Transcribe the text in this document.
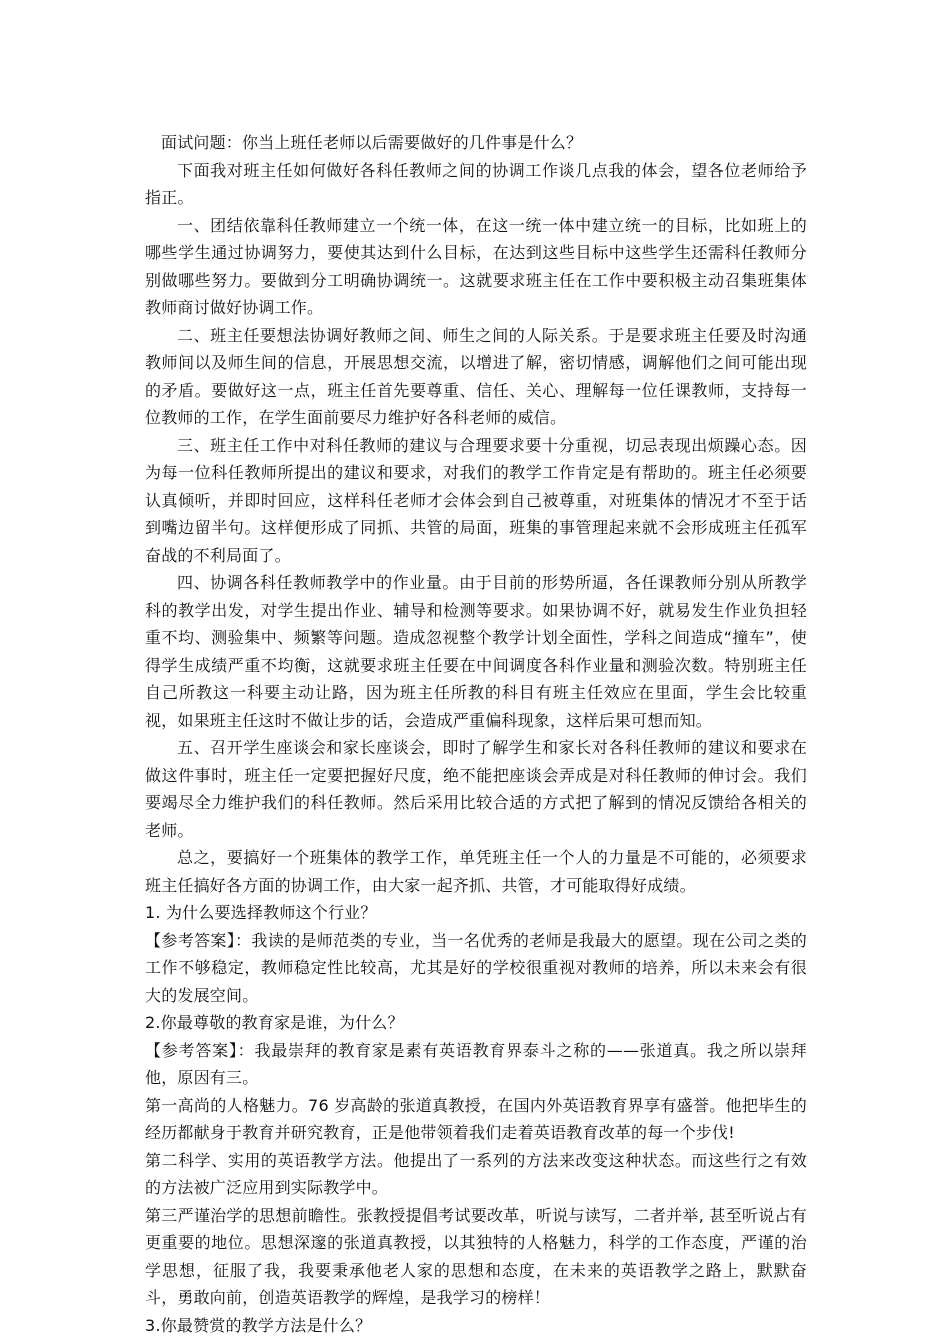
面试问题：你当上班任老师以后需要做好的几件事是什么？

下面我对班主任如何做好各科任教师之间的协调工作谈几点我的体会，望各位老师给予指正。

一、团结依靠科任教师建立一个统一体，在这一统一体中建立统一的目标，比如班上的哪些学生通过协调努力，要使其达到什么目标，在达到这些目标中这些学生还需科任教师分别做哪些努力。要做到分工明确协调统一。这就要求班主任在工作中要积极主动召集班集体教师商讨做好协调工作。

二、班主任要想法协调好教师之间、师生之间的人际关系。于是要求班主任要及时沟通教师间以及师生间的信息，开展思想交流，以增进了解，密切情感，调解他们之间可能出现的矛盾。要做好这一点，班主任首先要尊重、信任、关心、理解每一位任课教师，支持每一位教师的工作，在学生面前要尽力维护好各科老师的威信。

三、班主任工作中对科任教师的建议与合理要求要十分重视，切忌表现出烦躁心态。因为每一位科任教师所提出的建议和要求，对我们的教学工作肯定是有帮助的。班主任必须要认真倾听，并即时回应，这样科任老师才会体会到自己被尊重，对班集体的情况才不至于话到嘴边留半句。这样便形成了同抓、共管的局面，班集的事管理起来就不会形成班主任孤军奋战的不利局面了。

四、协调各科任教师教学中的作业量。由于目前的形势所逼，各任课教师分别从所教学科的教学出发，对学生提出作业、辅导和检测等要求。如果协调不好，就易发生作业负担轻重不均、测验集中、频繁等问题。造成忽视整个教学计划全面性，学科之间造成“撞车”，使得学生成绩严重不均衡，这就要求班主任要在中间调度各科作业量和测验次数。特别班主任自己所教这一科要主动让路，因为班主任所教的科目有班主任效应在里面，学生会比较重视，如果班主任这时不做让步的话，会造成严重偏科现象，这样后果可想而知。

五、召开学生座谈会和家长座谈会，即时了解学生和家长对各科任教师的建议和要求在做这件事时，班主任一定要把握好尺度，绝不能把座谈会弄成是对科任教师的伸讨会。我们要竭尽全力维护我们的科任教师。然后采用比较合适的方式把了解到的情况反馈给各相关的老师。

总之，要搞好一个班集体的教学工作，单凭班主任一个人的力量是不可能的，必须要求班主任搞好各方面的协调工作，由大家一起齐抓、共管，才可能取得好成绩。

1. 为什么要选择教师这个行业？

【参考答案】：我读的是师范类的专业，当一名优秀的老师是我最大的愿望。现在公司之类的工作不够稳定，教师稳定性比较高，尤其是好的学校很重视对教师的培养，所以未来会有很大的发展空间。

2.你最尊敬的教育家是谁，为什么？

【参考答案】：我最崇拜的教育家是素有英语教育界泰斗之称的——张道真。我之所以崇拜他，原因有三。

第一高尚的人格魅力。76 岁高龄的张道真教授，在国内外英语教育界享有盛誉。他把毕生的经历都献身于教育并研究教育，正是他带领着我们走着英语教育改革的每一个步伐!

第二科学、实用的英语教学方法。他提出了一系列的方法来改变这种状态。而这些行之有效的方法被广泛应用到实际教学中。

第三严谨治学的思想前瞻性。张教授提倡考试要改革，听说与读写，二者并举, 甚至听说占有更重要的地位。思想深邃的张道真教授，以其独特的人格魅力，科学的工作态度，严谨的治学思想，征服了我，我要秉承他老人家的思想和态度，在未来的英语教学之路上，默默奋斗，勇敢向前，创造英语教学的辉煌，是我学习的榜样！

3.你最赞赏的教学方法是什么？
